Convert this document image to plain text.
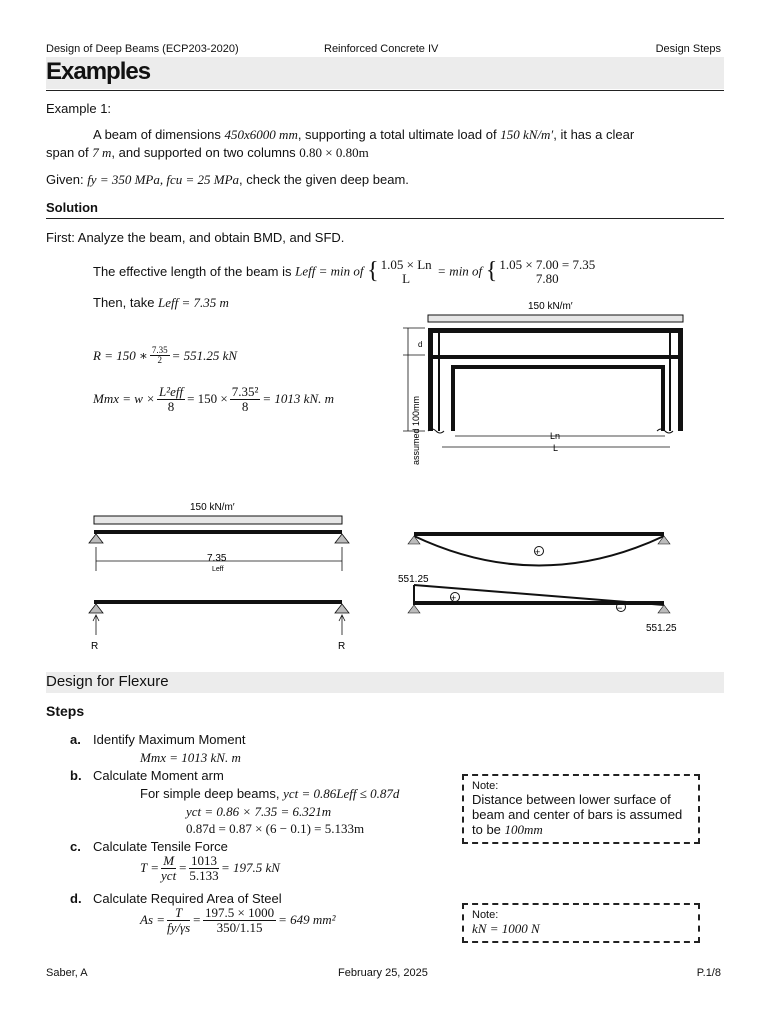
Design of Deep Beams (ECP203-2020)	Reinforced Concrete IV	Design Steps
Examples
Example 1:
A beam of dimensions 450x6000 mm, supporting a total ultimate load of 150 kN/m′, it has a clear
span of 7 m, and supported on two columns 0.80 × 0.80m
Given: fy = 350 MPa, fcu = 25 MPa, check the given deep beam.
Solution
First: Analyze the beam, and obtain BMD, and SFD.
The effective length of the beam is Leff = min of { 1.05 × Ln
L	= min of { 1.05 × 7.00 = 7.35
7.80
Then, take Leff = 7.35 m
R = 150 ∗ $\frac{7.35}{2} = 551.25$ kN
Mmx = $w \times \frac{\text{L²eff}}{8} = 150 \times \frac{\text{7.35²}}{8} = 1013$ kN. m
150 kN/m′
d
assumed 100mm	Ln
L
150 kN/m′
7.35
Leff
R	R
+
551.25
+
−
551.25
Design for Flexure
Steps
a. Identify Maximum Moment
Mmx = 1013 kN. m
b. Calculate Moment arm
For simple deep beams, yct = 0.86Leff ≤ 0.87d
yct = 0.86 × 7.35 = 6.321m
0.87d = 0.87 × (6 − 0.1) = 5.133m
c. Calculate Tensile Force
$T = \frac{M}{\text{yct}} = \frac{1013}{5.133} = 197.5$ kN
d. Calculate Required Area of Steel
$As = \frac{T}{fy/\gamma s} = \frac{197.5 \times 1000}{350/1.15} = 649$ mm²
Note:
Distance between lower surface of beam and center of bars is assumed to be 100mm
Note:
kN = 1000 N
Saber, A	February 25, 2025	P.1/8
